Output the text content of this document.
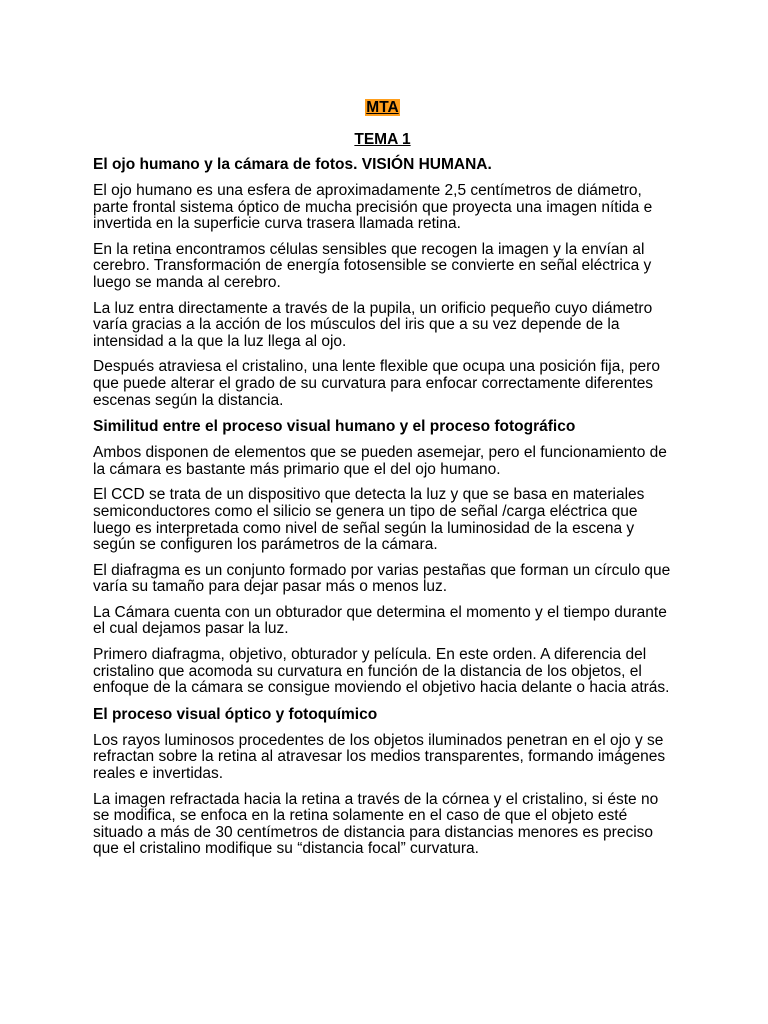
MTA
TEMA 1
El ojo humano y la cámara de fotos. VISIÓN HUMANA.

El ojo humano es una esfera de aproximadamente 2,5 centímetros de diámetro, parte frontal sistema óptico de mucha precisión que proyecta una imagen nítida e invertida en la superficie curva trasera llamada retina.

En la retina encontramos células sensibles que recogen la imagen y la envían al cerebro. Transformación de energía fotosensible se convierte en señal eléctrica y luego se manda al cerebro.

La luz entra directamente a través de la pupila, un orificio pequeño cuyo diámetro varía gracias a la acción de los músculos del iris que a su vez depende de la intensidad a la que la luz llega al ojo.

Después atraviesa el cristalino, una lente flexible que ocupa una posición fija, pero que puede alterar el grado de su curvatura para enfocar correctamente diferentes escenas según la distancia.

Similitud entre el proceso visual humano y el proceso fotográfico

Ambos disponen de elementos que se pueden asemejar, pero el funcionamiento de la cámara es bastante más primario que el del ojo humano.

El CCD se trata de un dispositivo que detecta la luz y que se basa en materiales semiconductores como el silicio se genera un tipo de señal /carga eléctrica que luego es interpretada como nivel de señal según la luminosidad de la escena y según se configuren los parámetros de la cámara.

El diafragma es un conjunto formado por varias pestañas que forman un círculo que varía su tamaño para dejar pasar más o menos luz.

La Cámara cuenta con un obturador que determina el momento y el tiempo durante el cual dejamos pasar la luz.

Primero diafragma, objetivo, obturador y película. En este orden. A diferencia del cristalino que acomoda su curvatura en función de la distancia de los objetos, el enfoque de la cámara se consigue moviendo el objetivo hacia delante o hacia atrás.

El proceso visual óptico y fotoquímico

Los rayos luminosos procedentes de los objetos iluminados penetran en el ojo y se refractan sobre la retina al atravesar los medios transparentes, formando imágenes reales e invertidas.

La imagen refractada hacia la retina a través de la córnea y el cristalino, si éste no se modifica, se enfoca en la retina solamente en el caso de que el objeto esté situado a más de 30 centímetros de distancia para distancias menores es preciso que el cristalino modifique su “distancia focal” curvatura.
